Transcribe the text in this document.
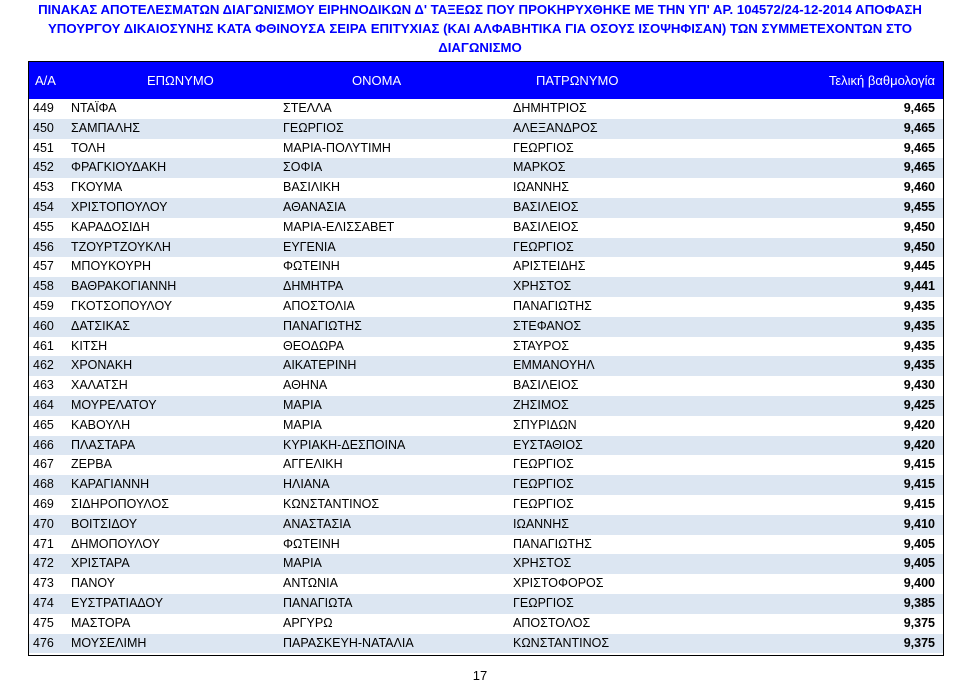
ΠΙΝΑΚΑΣ ΑΠΟΤΕΛΕΣΜΑΤΩΝ ΔΙΑΓΩΝΙΣΜΟΥ ΕΙΡΗΝΟΔΙΚΩΝ Δ' ΤΑΞΕΩΣ ΠΟΥ ΠΡΟΚΗΡΥΧΘΗΚΕ ΜΕ ΤΗΝ ΥΠ' ΑΡ. 104572/24-12-2014 ΑΠΟΦΑΣΗ
ΥΠΟΥΡΓΟΥ ΔΙΚΑΙΟΣΥΝΗΣ ΚΑΤΑ ΦΘΙΝΟΥΣΑ ΣΕΙΡΑ ΕΠΙΤΥΧΙΑΣ (ΚΑΙ ΑΛΦΑΒΗΤΙΚΑ ΓΙΑ ΟΣΟΥΣ ΙΣΟΨΗΦΙΣΑΝ) ΤΩΝ ΣΥΜΜΕΤΕΧΟΝΤΩΝ ΣΤΟ
ΔΙΑΓΩΝΙΣΜΟ
Α/Α	ΕΠΩΝΥΜΟ	ΟΝΟΜΑ	ΠΑΤΡΩΝΥΜΟ	Τελική βαθμολογία
449 ΝΤΑΪΦΑ	ΣΤΕΛΛΑ	ΔΗΜΗΤΡΙΟΣ	9,465
450 ΣΑΜΠΑΛΗΣ	ΓΕΩΡΓΙΟΣ	ΑΛΕΞΑΝΔΡΟΣ	9,465
451 ΤΟΛΗ	ΜΑΡΙΑ-ΠΟΛΥΤΙΜΗ	ΓΕΩΡΓΙΟΣ	9,465
452 ΦΡΑΓΚΙΟΥΔΑΚΗ	ΣΟΦΙΑ	ΜΑΡΚΟΣ	9,465
453 ΓΚΟΥΜΑ	ΒΑΣΙΛΙΚΗ	ΙΩΑΝΝΗΣ	9,460
454 ΧΡΙΣΤΟΠΟΥΛΟΥ	ΑΘΑΝΑΣΙΑ	ΒΑΣΙΛΕΙΟΣ	9,455
455 ΚΑΡΑΔΟΣΙΔΗ	ΜΑΡΙΑ-ΕΛΙΣΣΑΒΕΤ	ΒΑΣΙΛΕΙΟΣ	9,450
456 ΤΖΟΥΡΤΖΟΥΚΛΗ	ΕΥΓΕΝΙΑ	ΓΕΩΡΓΙΟΣ	9,450
457 ΜΠΟΥΚΟΥΡΗ	ΦΩΤΕΙΝΗ	ΑΡΙΣΤΕΙΔΗΣ	9,445
458 ΒΑΘΡΑΚΟΓΙΑΝΝΗ	ΔΗΜΗΤΡΑ	ΧΡΗΣΤΟΣ	9,441
459 ΓΚΟΤΣΟΠΟΥΛΟΥ	ΑΠΟΣΤΟΛΙΑ	ΠΑΝΑΓΙΩΤΗΣ	9,435
460 ΔΑΤΣΙΚΑΣ	ΠΑΝΑΓΙΩΤΗΣ	ΣΤΕΦΑΝΟΣ	9,435
461 ΚΙΤΣΗ	ΘΕΟΔΩΡΑ	ΣΤΑΥΡΟΣ	9,435
462 ΧΡΟΝΑΚΗ	ΑΙΚΑΤΕΡΙΝΗ	ΕΜΜΑΝΟΥΗΛ	9,435
463 ΧΑΛΑΤΣΗ	ΑΘΗΝΑ	ΒΑΣΙΛΕΙΟΣ	9,430
464 ΜΟΥΡΕΛΑΤΟΥ	ΜΑΡΙΑ	ΖΗΣΙΜΟΣ	9,425
465 ΚΑΒΟΥΛΗ	ΜΑΡΙΑ	ΣΠΥΡΙΔΩΝ	9,420
466 ΠΛΑΣΤΑΡΑ	ΚΥΡΙΑΚΗ-ΔΕΣΠΟΙΝΑ	ΕΥΣΤΑΘΙΟΣ	9,420
467 ΖΕΡΒΑ	ΑΓΓΕΛΙΚΗ	ΓΕΩΡΓΙΟΣ	9,415
468 ΚΑΡΑΓΙΑΝΝΗ	ΗΛΙΑΝΑ	ΓΕΩΡΓΙΟΣ	9,415
469 ΣΙΔΗΡΟΠΟΥΛΟΣ	ΚΩΝΣΤΑΝΤΙΝΟΣ	ΓΕΩΡΓΙΟΣ	9,415
470 ΒΟΙΤΣΙΔΟΥ	ΑΝΑΣΤΑΣΙΑ	ΙΩΑΝΝΗΣ	9,410
471 ΔΗΜΟΠΟΥΛΟΥ	ΦΩΤΕΙΝΗ	ΠΑΝΑΓΙΩΤΗΣ	9,405
472 ΧΡΙΣΤΑΡΑ	ΜΑΡΙΑ	ΧΡΗΣΤΟΣ	9,405
473 ΠΑΝΟΥ	ΑΝΤΩΝΙΑ	ΧΡΙΣΤΟΦΟΡΟΣ	9,400
474 ΕΥΣΤΡΑΤΙΑΔΟΥ	ΠΑΝΑΓΙΩΤΑ	ΓΕΩΡΓΙΟΣ	9,385
475 ΜΑΣΤΟΡΑ	ΑΡΓΥΡΩ	ΑΠΟΣΤΟΛΟΣ	9,375
476 ΜΟΥΣΕΛΙΜΗ	ΠΑΡΑΣΚΕΥΗ-ΝΑΤΑΛΙΑ	ΚΩΝΣΤΑΝΤΙΝΟΣ	9,375
17
